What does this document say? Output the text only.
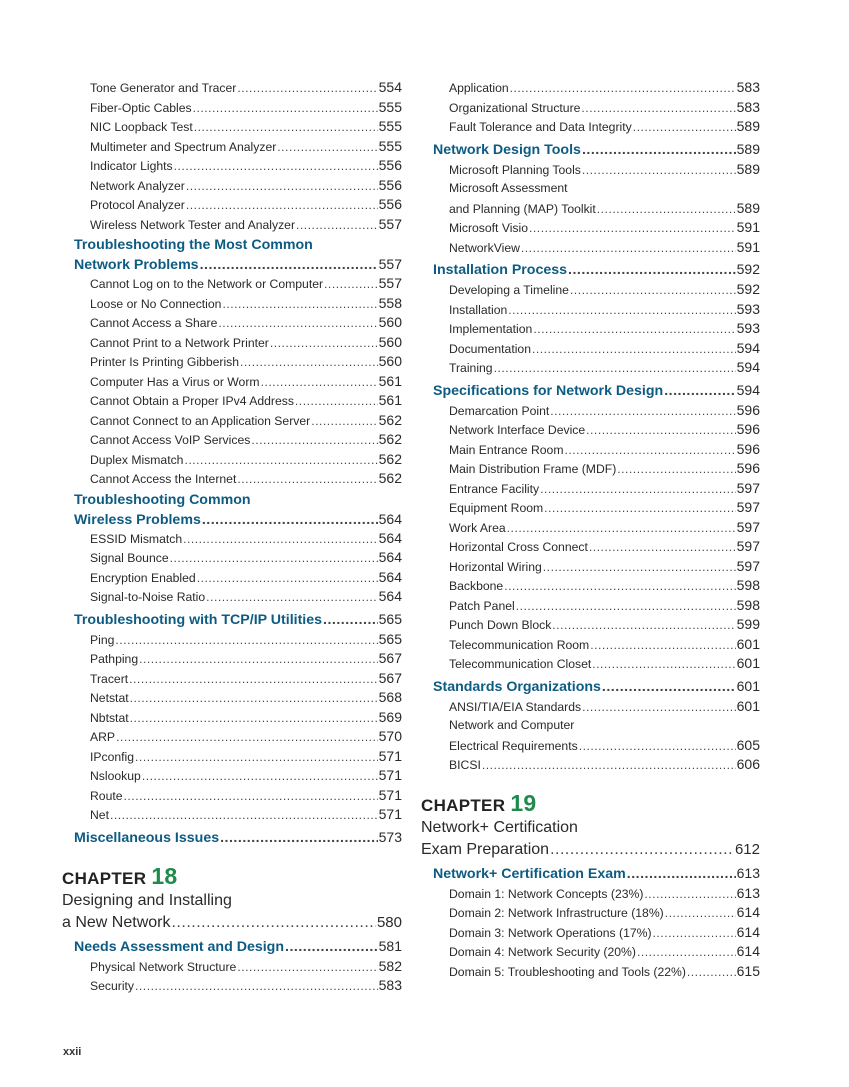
Tone Generator and Tracer .....	554
Fiber-Optic Cables .....	555
NIC Loopback Test .....	555
Multimeter and Spectrum Analyzer .....	555
Indicator Lights .....	556
Network Analyzer .....	556
Protocol Analyzer .....	556
Wireless Network Tester and Analyzer .....	557
Troubleshooting the Most Common
Network Problems .....	557
Cannot Log on to the Network or Computer .....	557
Loose or No Connection .....	558
Cannot Access a Share .....	560
Cannot Print to a Network Printer .....	560
Printer Is Printing Gibberish .....	560
Computer Has a Virus or Worm .....	561
Cannot Obtain a Proper IPv4 Address .....	561
Cannot Connect to an Application Server .....	562
Cannot Access VoIP Services .....	562
Duplex Mismatch .....	562
Cannot Access the Internet .....	562
Troubleshooting Common
Wireless Problems .....	564
ESSID Mismatch .....	564
Signal Bounce .....	564
Encryption Enabled .....	564
Signal-to-Noise Ratio .....	564
Troubleshooting with TCP/IP Utilities .....	565
Ping .....	565
Pathping .....	567
Tracert .....	567
Netstat .....	568
Nbtstat .....	569
ARP .....	570
IPconfig .....	571
Nslookup .....	571
Route .....	571
Net .....	571
Miscellaneous Issues .....	573
CHAPTER 18
Designing and Installing
a New Network .....	580
Needs Assessment and Design .....	581
Physical Network Structure .....	582
Security .....	583
Application .....	583
Organizational Structure .....	583
Fault Tolerance and Data Integrity .....	589
Network Design Tools .....	589
Microsoft Planning Tools .....	589
Microsoft Assessment
and Planning (MAP) Toolkit .....	589
Microsoft Visio .....	591
NetworkView .....	591
Installation Process .....	592
Developing a Timeline .....	592
Installation .....	593
Implementation .....	593
Documentation .....	594
Training .....	594
Specifications for Network Design .....	594
Demarcation Point .....	596
Network Interface Device .....	596
Main Entrance Room .....	596
Main Distribution Frame (MDF) .....	596
Entrance Facility .....	597
Equipment Room .....	597
Work Area .....	597
Horizontal Cross Connect .....	597
Horizontal Wiring .....	597
Backbone .....	598
Patch Panel .....	598
Punch Down Block .....	599
Telecommunication Room .....	601
Telecommunication Closet .....	601
Standards Organizations .....	601
ANSI/TIA/EIA Standards .....	601
Network and Computer
Electrical Requirements .....	605
BICSI .....	606
CHAPTER 19
Network+ Certification
Exam Preparation .....	612
Network+ Certification Exam .....	613
Domain 1: Network Concepts (23%) .....	613
Domain 2: Network Infrastructure (18%) .....	614
Domain 3: Network Operations (17%) .....	614
Domain 4: Network Security (20%) .....	614
Domain 5: Troubleshooting and Tools (22%) .....	615
xxii
